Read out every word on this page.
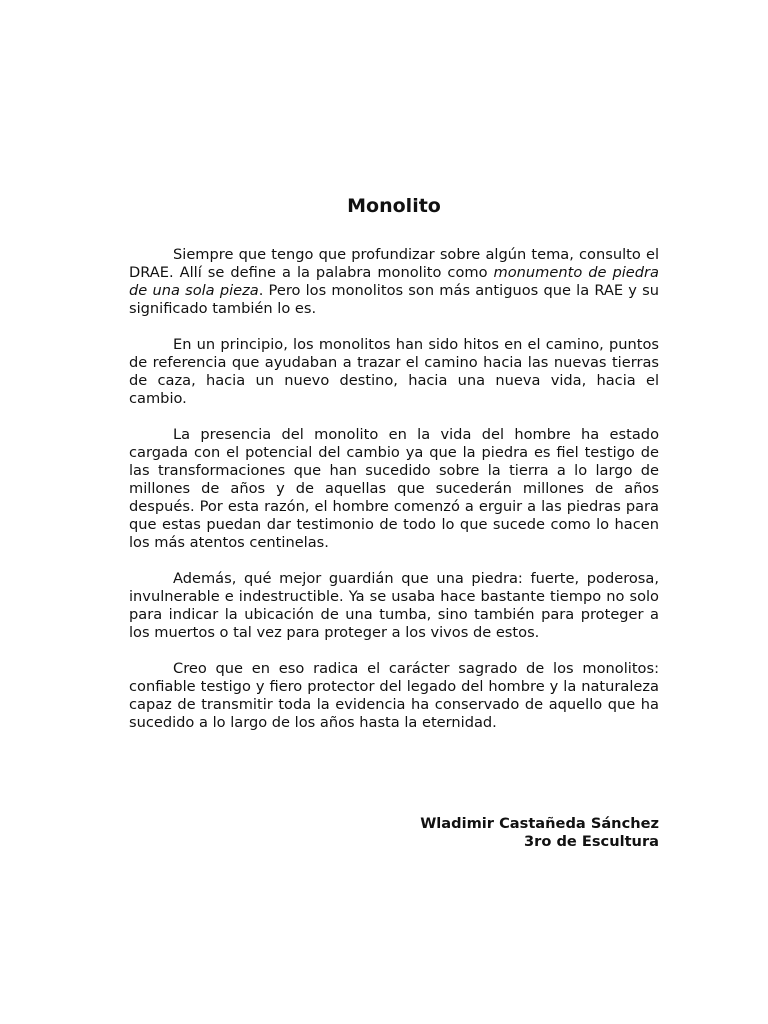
Monolito

Siempre que tengo que profundizar sobre algún tema, consulto el DRAE. Allí se define a la palabra monolito como monumento de piedra de una sola pieza. Pero los monolitos son más antiguos que la RAE y su significado también lo es.

En un principio, los monolitos han sido hitos en el camino, puntos de referencia que ayudaban a trazar el camino hacia las nuevas tierras de caza, hacia un nuevo destino, hacia una nueva vida, hacia el cambio.

La presencia del monolito en la vida del hombre ha estado cargada con el potencial del cambio ya que la piedra es fiel testigo de las transformaciones que han sucedido sobre la tierra a lo largo de millones de años y de aquellas que sucederán millones de años después. Por esta razón, el hombre comenzó a erguir a las piedras para que estas puedan dar testimonio de todo lo que sucede como lo hacen los más atentos centinelas.

Además, qué mejor guardián que una piedra: fuerte, poderosa, invulnerable e indestructible. Ya se usaba hace bastante tiempo no solo para indicar la ubicación de una tumba, sino también para proteger a los muertos o tal vez para proteger a los vivos de estos.

Creo que en eso radica el carácter sagrado de los monolitos: confiable testigo y fiero protector del legado del hombre y la naturaleza capaz de transmitir toda la evidencia ha conservado de aquello que ha sucedido a lo largo de los años hasta la eternidad.

Wladimir Castañeda Sánchez
3ro de Escultura
